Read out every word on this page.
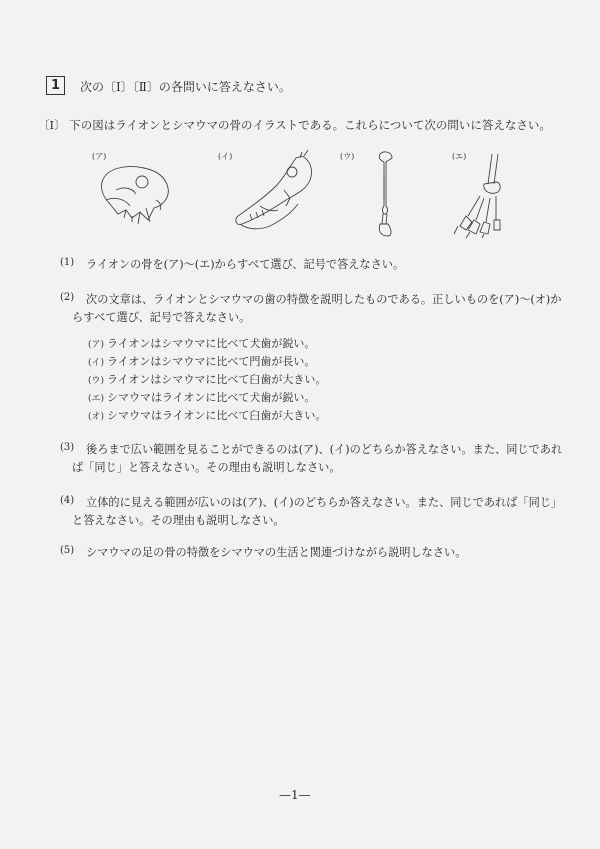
1	次の〔Ⅰ〕〔Ⅱ〕の各問いに答えなさい。
〔Ⅰ〕 下の図はライオンとシマウマの骨のイラストである。これらについて次の問いに答えなさい。
(ア)	(イ)	(ウ)	(エ)
(1) ライオンの骨を(ア)～(エ)からすべて選び、記号で答えなさい。
(2) 次の文章は、ライオンとシマウマの歯の特徴を説明したものである。正しいものを(ア)～(オ)か
らすべて選び、記号で答えなさい。
(ア) ライオンはシマウマに比べて犬歯が鋭い。
(イ) ライオンはシマウマに比べて門歯が長い。
(ウ) ライオンはシマウマに比べて臼歯が大きい。
(エ) シマウマはライオンに比べて犬歯が鋭い。
(オ) シマウマはライオンに比べて臼歯が大きい。
(3) 後ろまで広い範囲を見ることができるのは(ア)、(イ)のどちらか答えなさい。また、同じであれ
ば「同じ」と答えなさい。その理由も説明しなさい。
(4) 立体的に見える範囲が広いのは(ア)、(イ)のどちらか答えなさい。また、同じであれば「同じ」
と答えなさい。その理由も説明しなさい。
(5) シマウマの足の骨の特徴をシマウマの生活と関連づけながら説明しなさい。
—1—
